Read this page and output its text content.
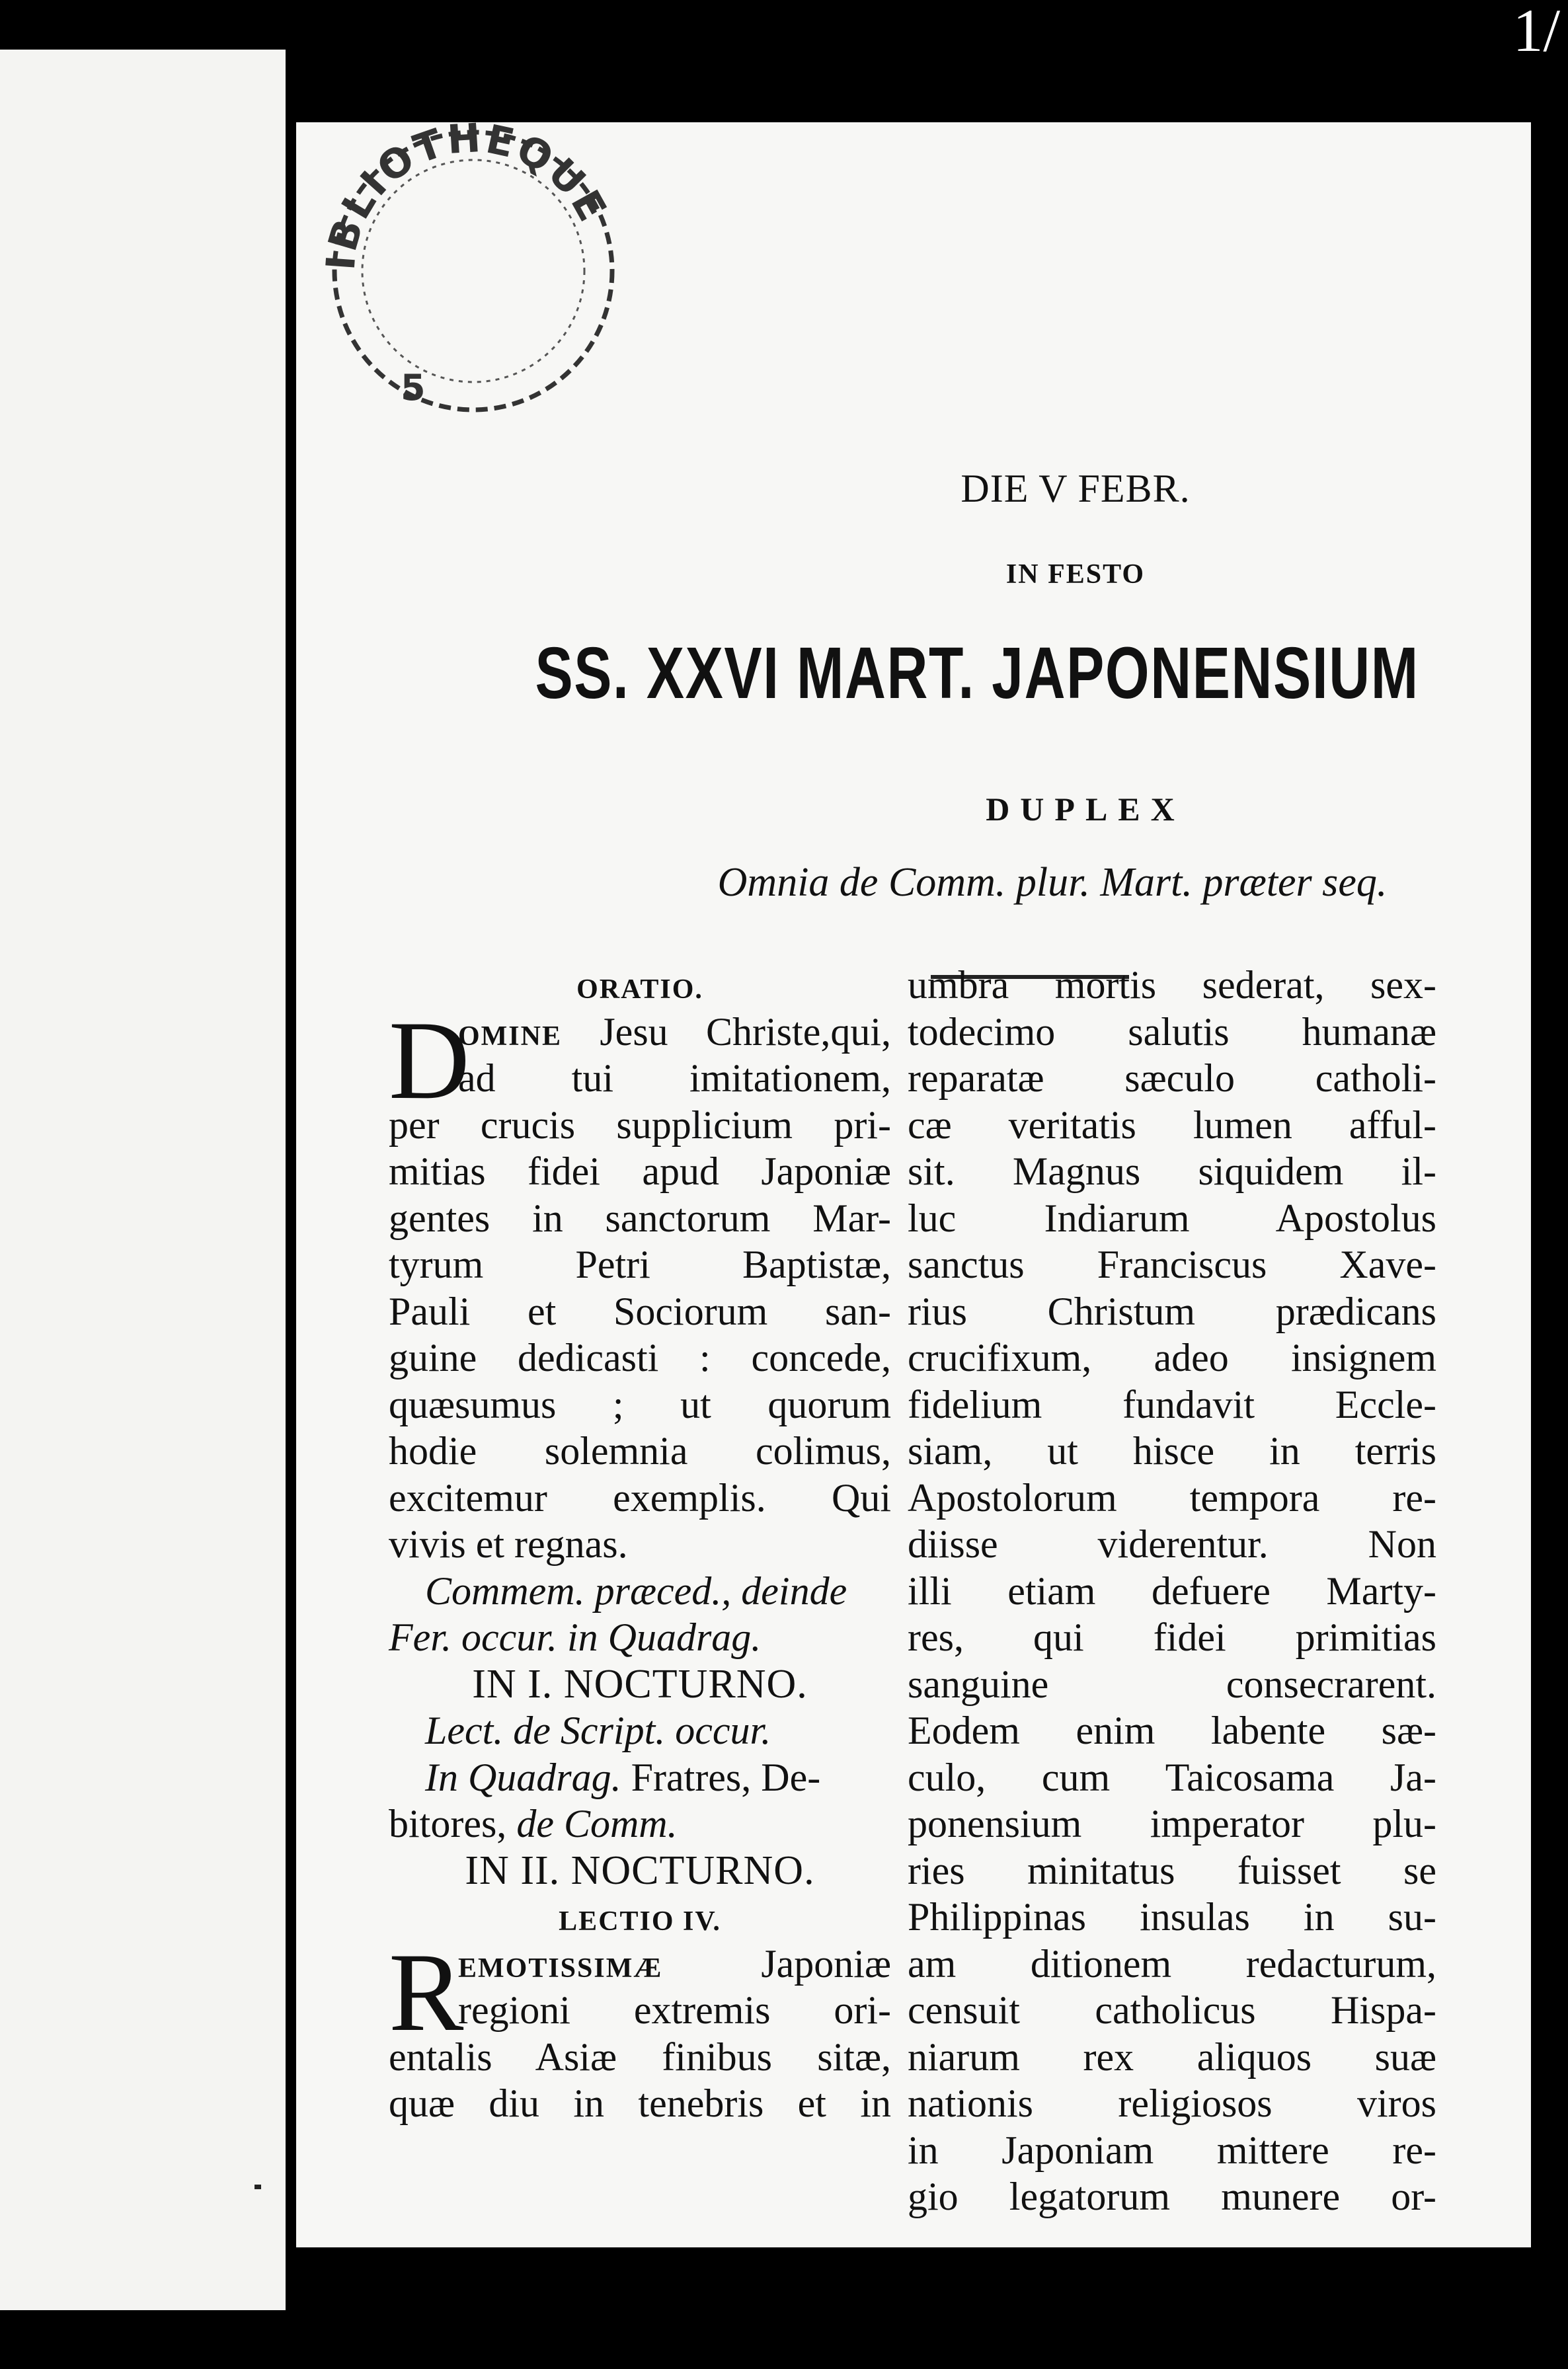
IBLIOTHEQUE
5
DIE V FEBR.
IN FESTO
SS. XXVI MART. JAPONENSIUM
DUPLEX
Omnia de Comm. plur. Mart. præter seq.
ORATIO.
D
OMINE Jesu Christe,qui,
ad tui imitationem,
per crucis supplicium pri-
mitias fidei apud Japoniæ
gentes in sanctorum Mar-
tyrum Petri Baptistæ,
Pauli et Sociorum san-
guine dedicasti : concede,
quæsumus ; ut quorum
hodie solemnia colimus,
excitemur exemplis. Qui
vivis et regnas.
Commem. præced., deinde
Fer. occur. in Quadrag.
IN I. NOCTURNO.
Lect. de Script. occur.
In Quadrag. Fratres, De-
bitores, de Comm.
IN II. NOCTURNO.
LECTIO IV.
R
EMOTISSIMÆ Japoniæ
regioni extremis ori-
entalis Asiæ finibus sitæ,
quæ diu in tenebris et in
umbra mortis sederat, sex-
todecimo salutis humanæ
reparatæ sæculo catholi-
cæ veritatis lumen afful-
sit. Magnus siquidem il-
luc Indiarum Apostolus
sanctus Franciscus Xave-
rius Christum prædicans
crucifixum, adeo insignem
fidelium fundavit Eccle-
siam, ut hisce in terris
Apostolorum tempora re-
diisse viderentur. Non
illi etiam defuere Marty-
res, qui fidei primitias
sanguine consecrarent.
Eodem enim labente sæ-
culo, cum Taicosama Ja-
ponensium imperator plu-
ries minitatus fuisset se
Philippinas insulas in su-
am ditionem redacturum,
censuit catholicus Hispa-
niarum rex aliquos suæ
nationis religiosos viros
in Japoniam mittere re-
gio legatorum munere or-
1/
